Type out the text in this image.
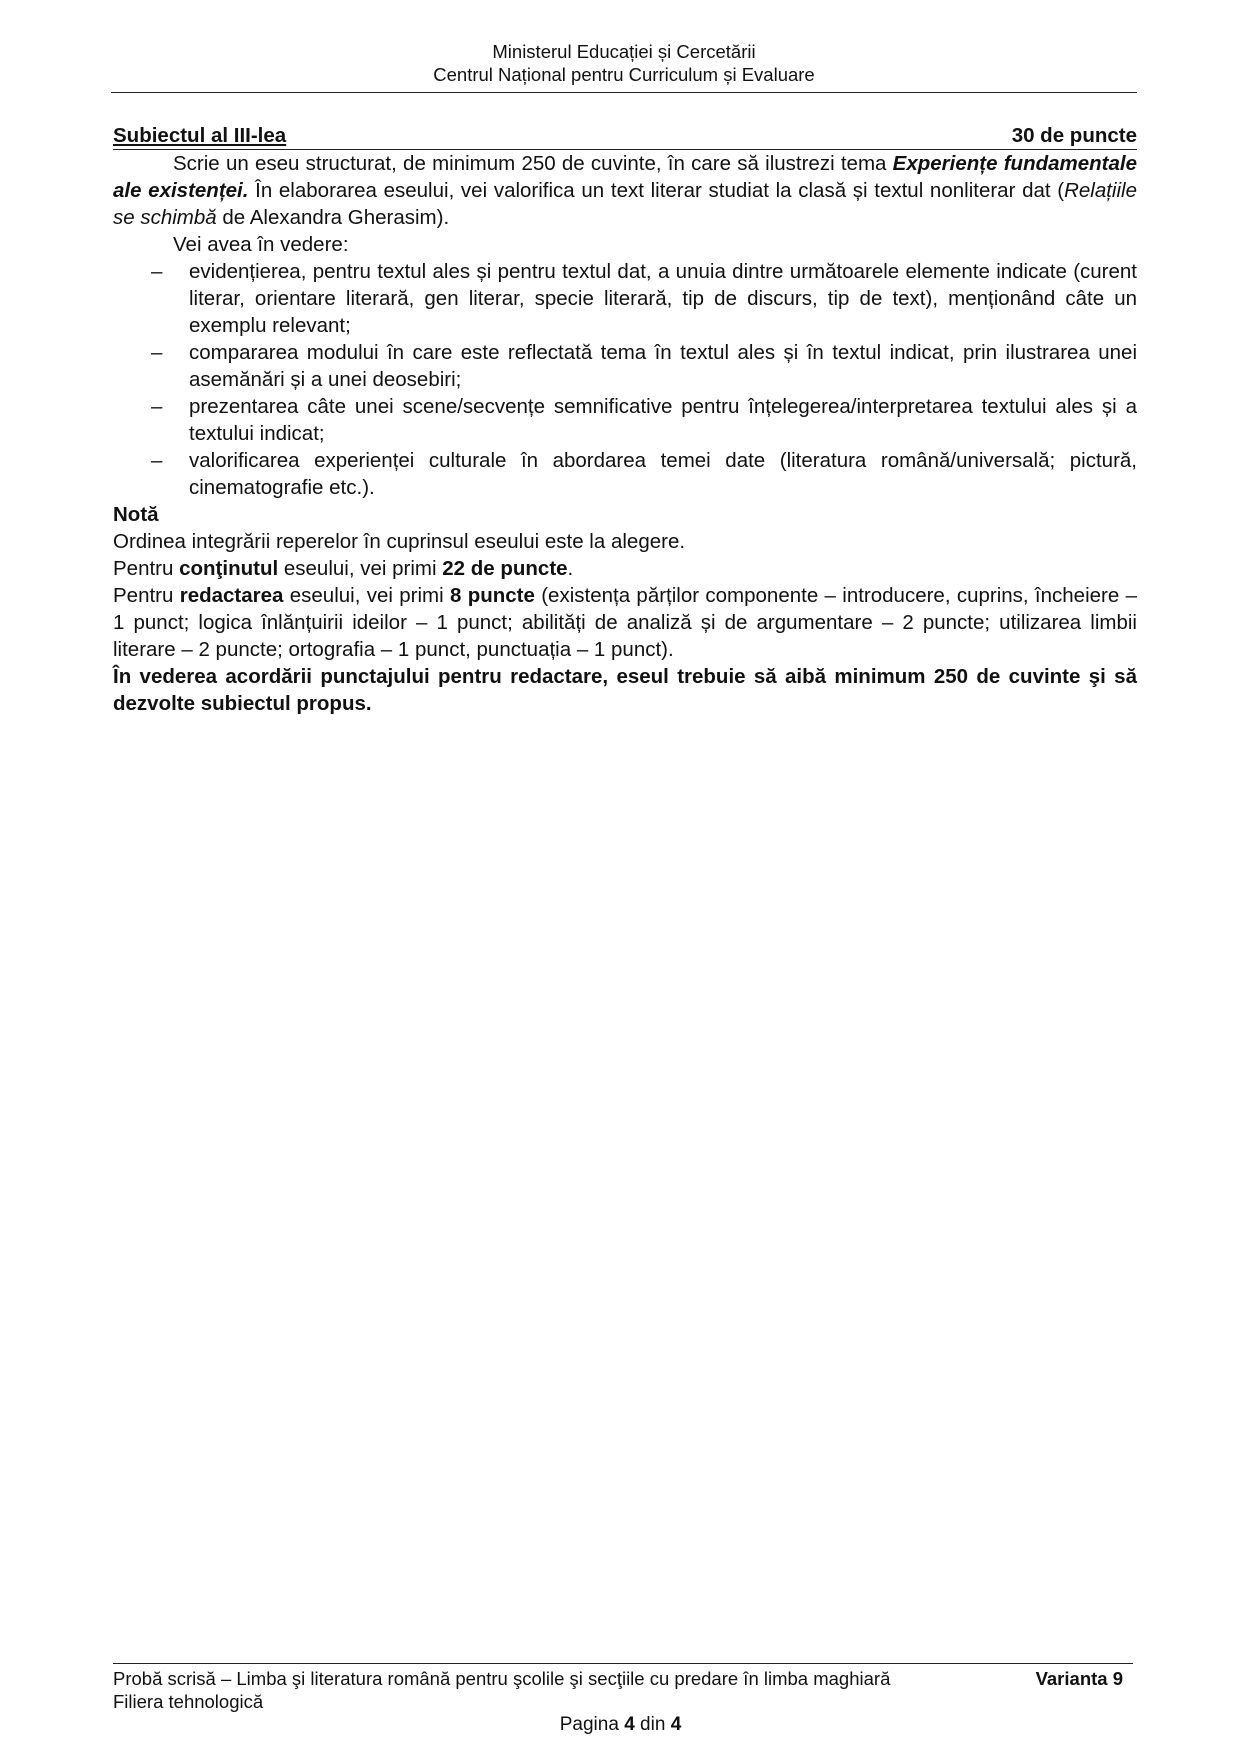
Ministerul Educației și Cercetării
Centrul Național pentru Curriculum și Evaluare
Subiectul al III-lea	30 de puncte

Scrie un eseu structurat, de minimum 250 de cuvinte, în care să ilustrezi tema Experiențe fundamentale ale existenței. În elaborarea eseului, vei valorifica un text literar studiat la clasă și textul nonliterar dat (Relațiile se schimbă de Alexandra Gherasim).

Vei avea în vedere:

– evidențierea, pentru textul ales și pentru textul dat, a unuia dintre următoarele elemente indicate (curent literar, orientare literară, gen literar, specie literară, tip de discurs, tip de text), menționând câte un exemplu relevant;
– compararea modului în care este reflectată tema în textul ales și în textul indicat, prin ilustrarea unei asemănări și a unei deosebiri;
– prezentarea câte unei scene/secvențe semnificative pentru înțelegerea/interpretarea textului ales și a textului indicat;
– valorificarea experienței culturale în abordarea temei date (literatura română/universală; pictură, cinematografie etc.).

Notă

Ordinea integrării reperelor în cuprinsul eseului este la alegere.

Pentru conţinutul eseului, vei primi 22 de puncte.

Pentru redactarea eseului, vei primi 8 puncte (existența părților componente – introducere, cuprins, încheiere – 1 punct; logica înlănțuirii ideilor – 1 punct; abilități de analiză și de argumentare – 2 puncte; utilizarea limbii literare – 2 puncte; ortografia – 1 punct, punctuația – 1 punct).

În vederea acordării punctajului pentru redactare, eseul trebuie să aibă minimum 250 de cuvinte şi să dezvolte subiectul propus.

Probă scrisă – Limba şi literatura română pentru şcolile şi secţiile cu predare în limba maghiară	Varianta 9
Filiera tehnologică
Pagina 4 din 4
